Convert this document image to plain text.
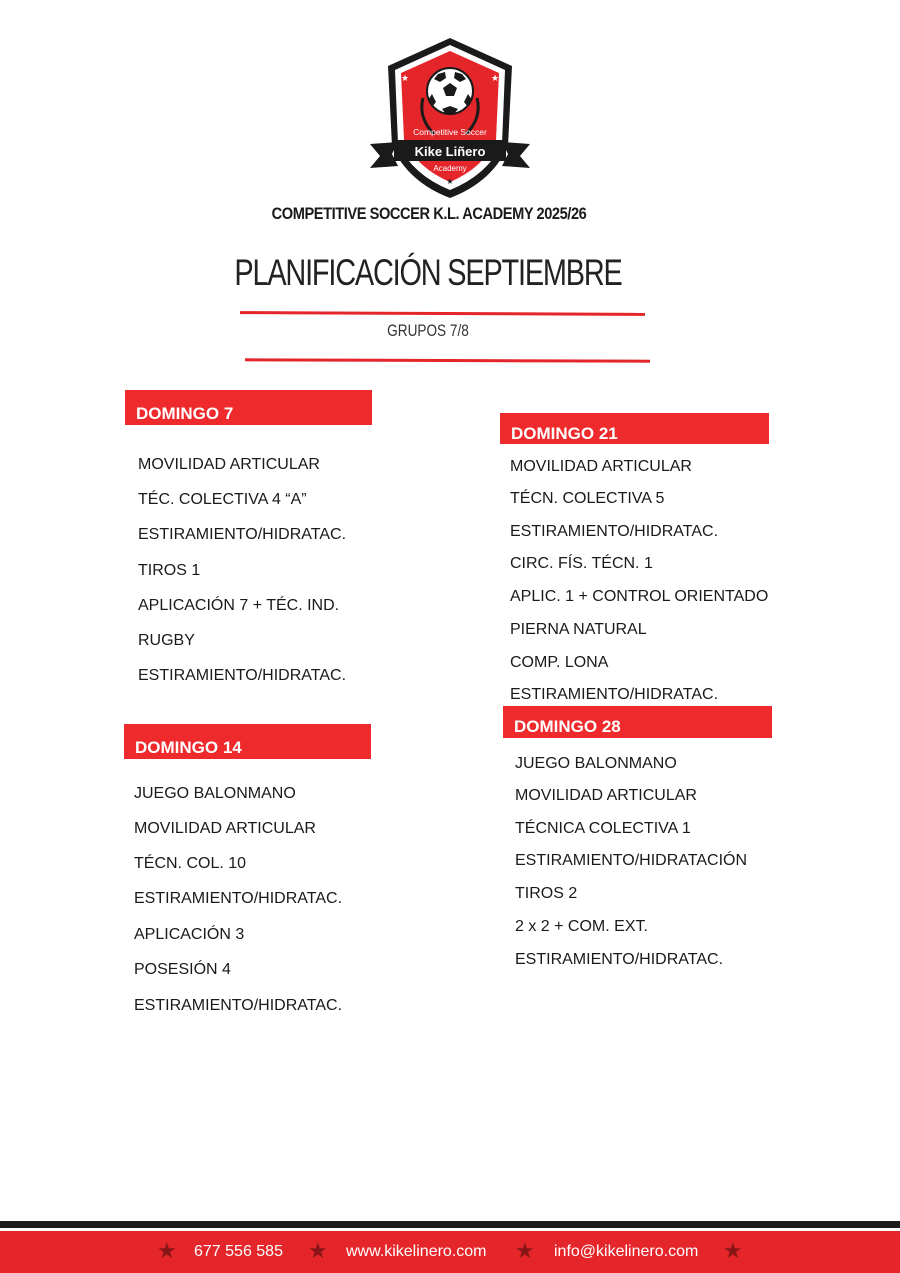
★	★
Competitive Soccer
Kike Liñero
Academy
★
COMPETITIVE SOCCER K.L. ACADEMY 2025/26
PLANIFICACIÓN SEPTIEMBRE
GRUPOS 7/8
DOMINGO 7
MOVILIDAD ARTICULAR
TÉC. COLECTIVA 4 “A”
ESTIRAMIENTO/HIDRATAC.
TIROS 1
APLICACIÓN 7 + TÉC. IND.
RUGBY
ESTIRAMIENTO/HIDRATAC.
DOMINGO 14
JUEGO BALONMANO
MOVILIDAD ARTICULAR
TÉCN. COL. 10
ESTIRAMIENTO/HIDRATAC.
APLICACIÓN 3
POSESIÓN 4
ESTIRAMIENTO/HIDRATAC.
DOMINGO 21
MOVILIDAD ARTICULAR
TÉCN. COLECTIVA 5
ESTIRAMIENTO/HIDRATAC.
CIRC. FÍS. TÉCN. 1
APLIC. 1 + CONTROL ORIENTADO
PIERNA NATURAL
COMP. LONA
ESTIRAMIENTO/HIDRATAC.
DOMINGO 28
JUEGO BALONMANO
MOVILIDAD ARTICULAR
TÉCNICA COLECTIVA 1
ESTIRAMIENTO/HIDRATACIÓN
TIROS 2
2 x 2 + COM. EXT.
ESTIRAMIENTO/HIDRATAC.
★ 677 556 585 ★ www.kikelinero.com ★ info@kikelinero.com ★
